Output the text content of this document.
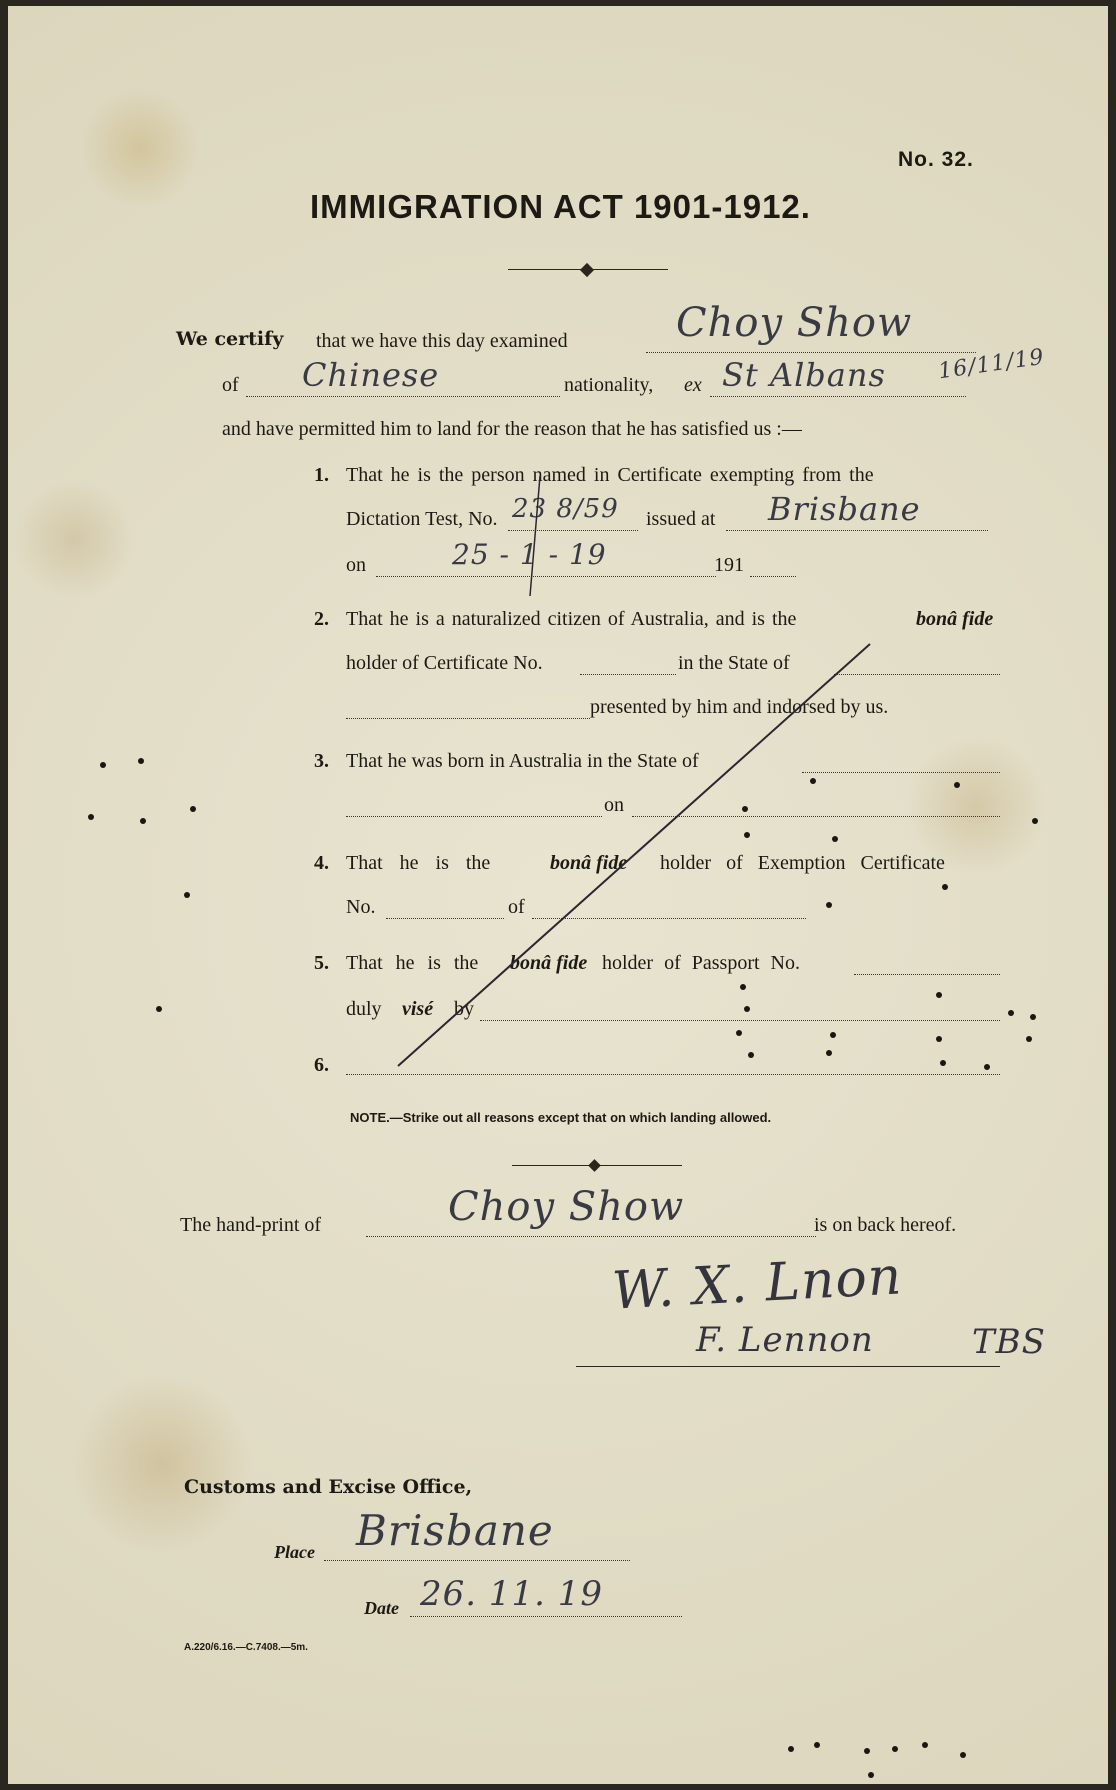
No. 32.
IMMIGRATION ACT 1901-1912.
We certify that we have this day examined	Choy Show
of Chinese	nationality, ex St Albans 16/11/19
and have permitted him to land for the reason that he has satisfied us :—
1. That he is the person named in Certificate exempting from the
Dictation Test, No. 23 8/59 issued at Brisbane
on	25 - 1 - 19	191
2. That he is a naturalized citizen of Australia, and is the	bonâ fide
holder of Certificate No.	in the State of
presented by him and indorsed by us.
3. That he was born in Australia in the State of
on
4. That he is the	bonâ fide holder of Exemption Certificate
No.	of
5. That he is the bonâ fide holder of Passport No.
duly visé by
6.
NOTE.—Strike out all reasons except that on which landing allowed.
The hand-print of	Choy Show	is on back hereof.
W. X. Lnon
F. Lennon	TBS
Customs and Excise Office,
Place Brisbane
Date 26. 11. 19
A.220/6.16.—C.7408.—5m.
